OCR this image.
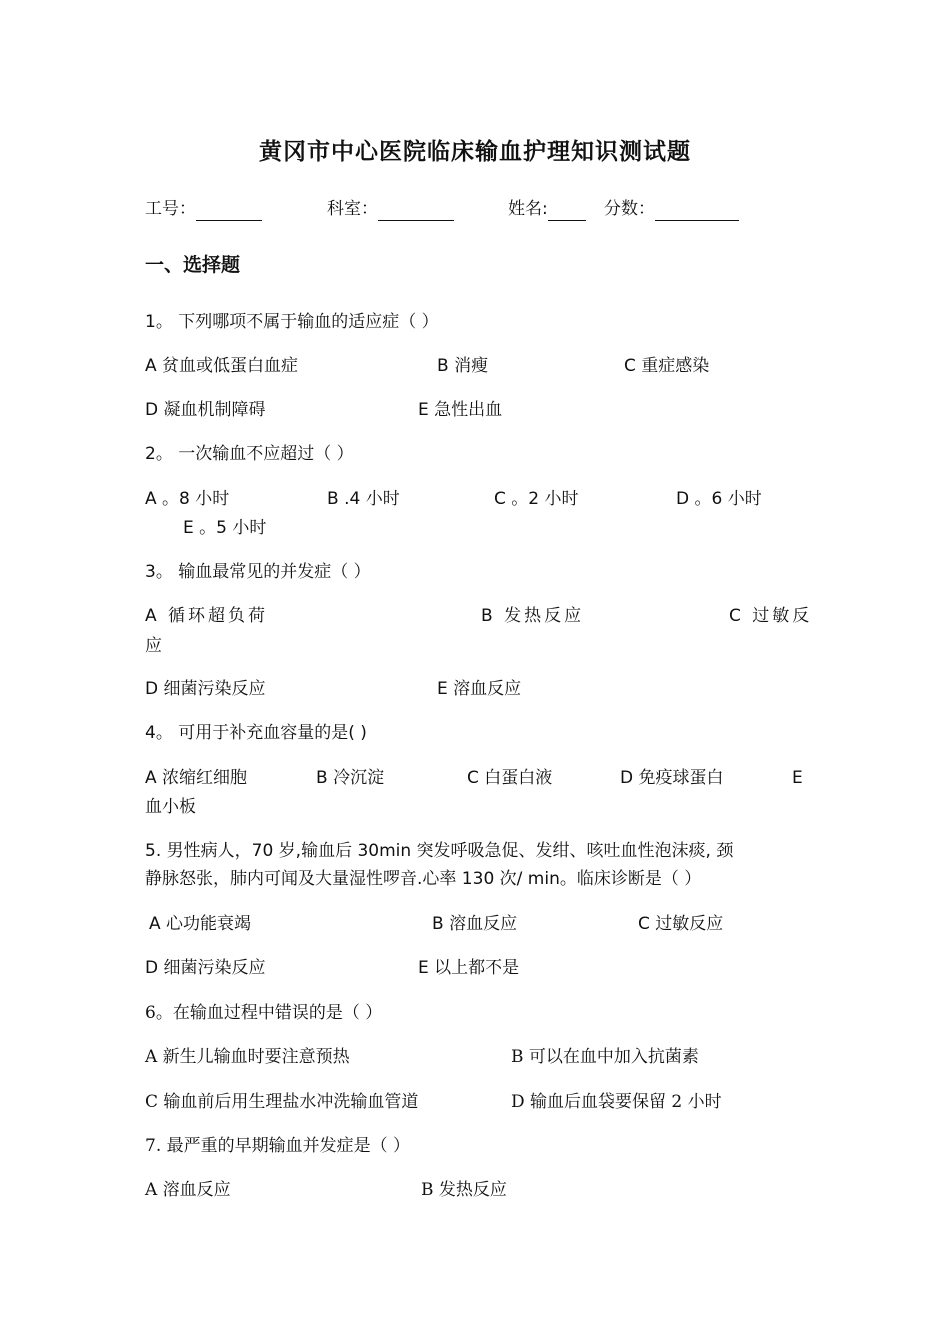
黄冈市中心医院临床输血护理知识测试题
工号：	科室：	姓名:	分数：
一、选择题
1。 下列哪项不属于输血的适应症（ ）
A 贫血或低蛋白血症	B 消瘦	C 重症感染
D 凝血机制障碍	E 急性出血
2。 一次输血不应超过（ ）
A 。8 小时	B .4 小时	C 。2 小时	D 。6 小时
E 。5 小时
3。 输血最常见的并发症（ ）
A 循环超负荷	B 发热反应	C 过敏反
应
D 细菌污染反应	E 溶血反应
4。 可用于补充血容量的是( )
A 浓缩红细胞	B 冷沉淀	C 白蛋白液	D 免疫球蛋白	E
血小板
5. 男性病人，70 岁,输血后 30min 突发呼吸急促、发绀、咳吐血性泡沫痰, 颈
静脉怒张，肺内可闻及大量湿性啰音.心率 130 次/ min。临床诊断是（ ）
A 心功能衰竭	B 溶血反应	C 过敏反应
D 细菌污染反应	E 以上都不是
6。在输血过程中错误的是（ ）
A 新生儿输血时要注意预热	B 可以在血中加入抗菌素
C 输血前后用生理盐水冲洗输血管道	D 输血后血袋要保留 2 小时
7. 最严重的早期输血并发症是（ ）
A 溶血反应	B 发热反应
